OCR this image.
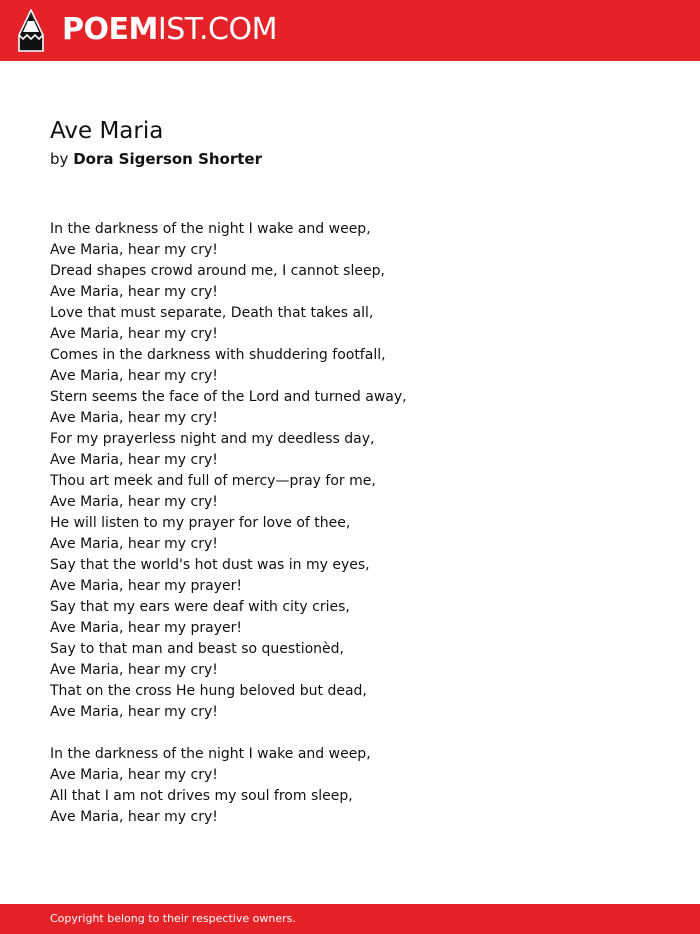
POEMIST.COM
Ave Maria
by Dora Sigerson Shorter
In the darkness of the night I wake and weep,
Ave Maria, hear my cry!
Dread shapes crowd around me, I cannot sleep,
Ave Maria, hear my cry!
Love that must separate, Death that takes all,
Ave Maria, hear my cry!
Comes in the darkness with shuddering footfall,
Ave Maria, hear my cry!
Stern seems the face of the Lord and turned away,
Ave Maria, hear my cry!
For my prayerless night and my deedless day,
Ave Maria, hear my cry!
Thou art meek and full of mercy—pray for me,
Ave Maria, hear my cry!
He will listen to my prayer for love of thee,
Ave Maria, hear my cry!
Say that the world's hot dust was in my eyes,
Ave Maria, hear my prayer!
Say that my ears were deaf with city cries,
Ave Maria, hear my prayer!
Say to that man and beast so questionèd,
Ave Maria, hear my cry!
That on the cross He hung beloved but dead,
Ave Maria, hear my cry!
In the darkness of the night I wake and weep,
Ave Maria, hear my cry!
All that I am not drives my soul from sleep,
Ave Maria, hear my cry!
Copyright belong to their respective owners.
